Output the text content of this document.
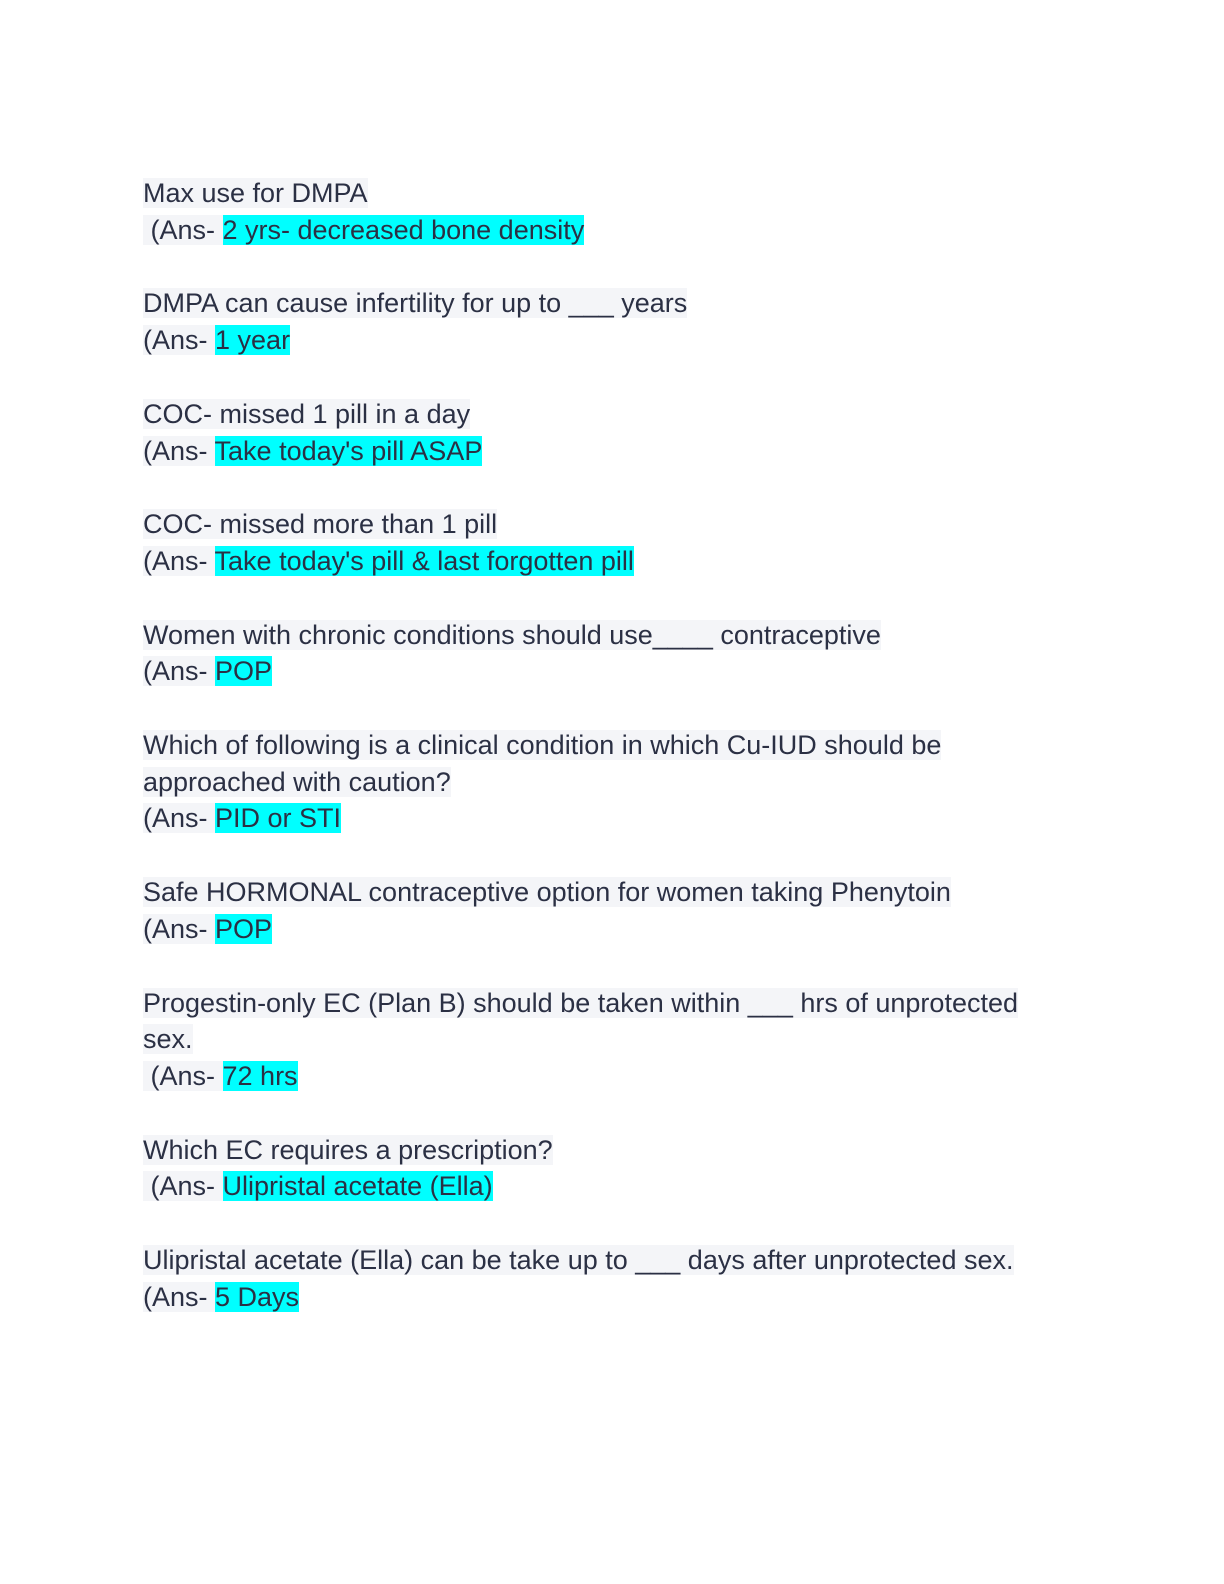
Max use for DMPA
(Ans- 2 yrs- decreased bone density
DMPA can cause infertility for up to ___ years
(Ans- 1 year
COC- missed 1 pill in a day
(Ans- Take today's pill ASAP
COC- missed more than 1 pill
(Ans- Take today's pill & last forgotten pill
Women with chronic conditions should use____ contraceptive
(Ans- POP
Which of following is a clinical condition in which Cu-IUD should be
approached with caution?
(Ans- PID or STI
Safe HORMONAL contraceptive option for women taking Phenytoin
(Ans- POP
Progestin-only EC (Plan B) should be taken within ___ hrs of unprotected
sex.
(Ans- 72 hrs
Which EC requires a prescription?
(Ans- Ulipristal acetate (Ella)
Ulipristal acetate (Ella) can be take up to ___ days after unprotected sex.
(Ans- 5 Days
